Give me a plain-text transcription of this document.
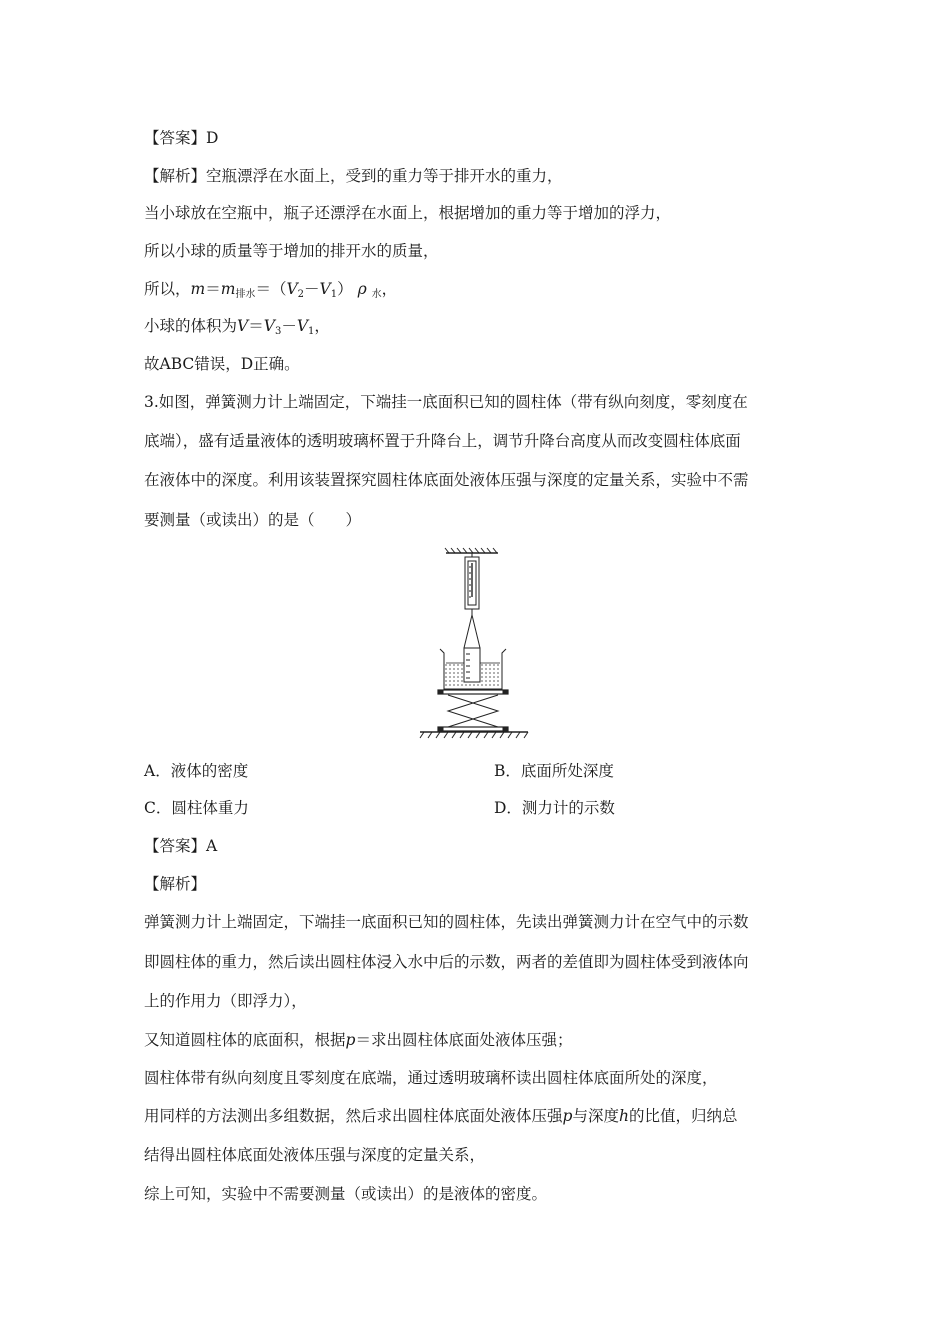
【答案】D
【解析】空瓶漂浮在水面上，受到的重力等于排开水的重力，
当小球放在空瓶中，瓶子还漂浮在水面上，根据增加的重力等于增加的浮力，
所以小球的质量等于增加的排开水的质量，
所以，$m=m_{排水}=(V_2-V_1)$ ρ $_水$，
小球的体积为$V=V_3-V_1$，
故ABC错误，D正确。
3.如图，弹簧测力计上端固定，下端挂一底面积已知的圆柱体（带有纵向刻度，零刻度在
底端），盛有适量液体的透明玻璃杯置于升降台上，调节升降台高度从而改变圆柱体底面
在液体中的深度。利用该装置探究圆柱体底面处液体压强与深度的定量关系，实验中不需
要测量（或读出）的是（　　）
A．液体的密度	B．底面所处深度
C．圆柱体重力	D．测力计的示数
【答案】A
【解析】
弹簧测力计上端固定，下端挂一底面积已知的圆柱体，先读出弹簧测力计在空气中的示数
即圆柱体的重力，然后读出圆柱体浸入水中后的示数，两者的差值即为圆柱体受到液体向
上的作用力（即浮力），
又知道圆柱体的底面积，根据p＝求出圆柱体底面处液体压强；
圆柱体带有纵向刻度且零刻度在底端，通过透明玻璃杯读出圆柱体底面所处的深度，
用同样的方法测出多组数据，然后求出圆柱体底面处液体压强p与深度h的比值，归纳总
结得出圆柱体底面处液体压强与深度的定量关系，
综上可知，实验中不需要测量（或读出）的是液体的密度。
